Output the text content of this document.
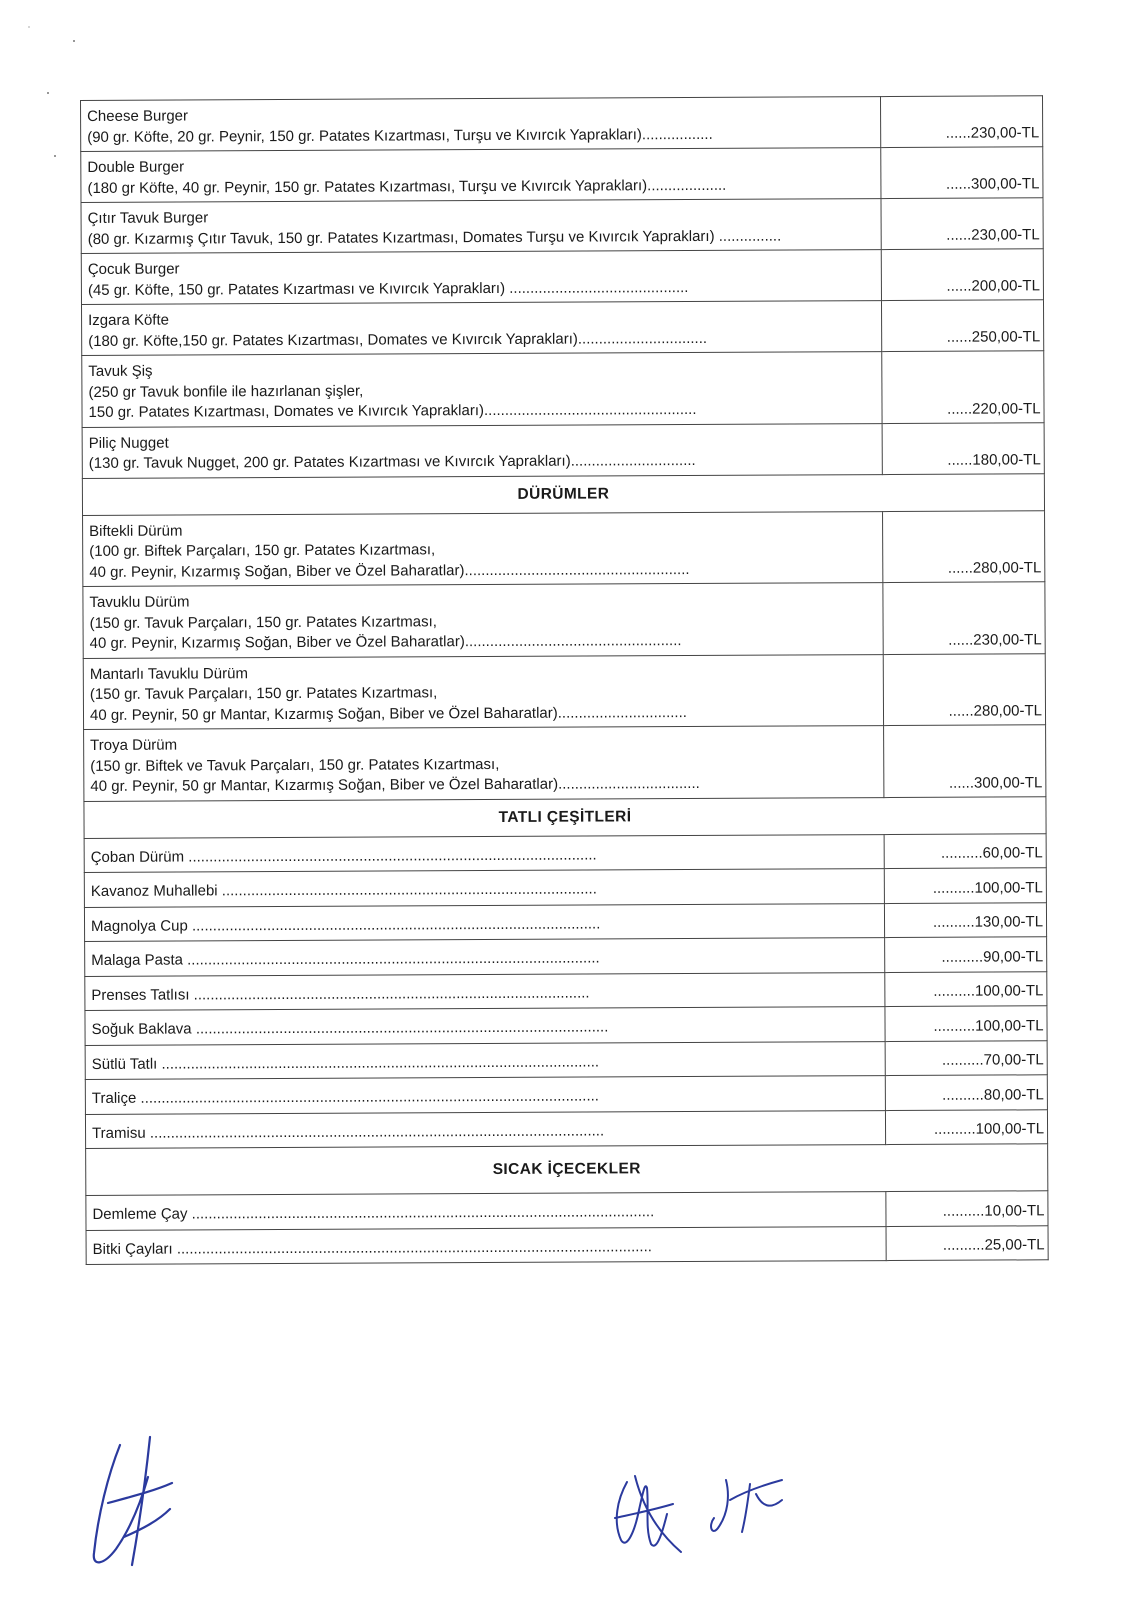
Cheese Burger
(90 gr. Köfte, 20 gr. Peynir, 150 gr. Patates Kızartması, Turşu ve Kıvırcık Yaprakları).................	......230,00-TL

Double Burger
(180 gr Köfte, 40 gr. Peynir, 150 gr. Patates Kızartması, Turşu ve Kıvırcık Yaprakları)...................	......300,00-TL

Çıtır Tavuk Burger
(80 gr. Kızarmış Çıtır Tavuk, 150 gr. Patates Kızartması, Domates Turşu ve Kıvırcık Yaprakları) ...............	......230,00-TL

Çocuk Burger
(45 gr. Köfte, 150 gr. Patates Kızartması ve Kıvırcık Yaprakları) ...........................................	......200,00-TL

Izgara Köfte
(180 gr. Köfte,150 gr. Patates Kızartması, Domates ve Kıvırcık Yaprakları)...............................	......250,00-TL

Tavuk Şiş
(250 gr Tavuk bonfile ile hazırlanan şişler,
150 gr. Patates Kızartması, Domates ve Kıvırcık Yaprakları)...................................................	......220,00-TL

Piliç Nugget
(130 gr. Tavuk Nugget, 200 gr. Patates Kızartması ve Kıvırcık Yaprakları)..............................	......180,00-TL
DÜRÜMLER	

Biftekli Dürüm
(100 gr. Biftek Parçaları, 150 gr. Patates Kızartması,
40 gr. Peynir, Kızarmış Soğan, Biber ve Özel Baharatlar)......................................................	......280,00-TL

Tavuklu Dürüm
(150 gr. Tavuk Parçaları, 150 gr. Patates Kızartması,
40 gr. Peynir, Kızarmış Soğan, Biber ve Özel Baharatlar)....................................................	......230,00-TL

Mantarlı Tavuklu Dürüm
(150 gr. Tavuk Parçaları, 150 gr. Patates Kızartması,
40 gr. Peynir, 50 gr Mantar, Kızarmış Soğan, Biber ve Özel Baharatlar)...............................	......280,00-TL

Troya Dürüm
(150 gr. Biftek ve Tavuk Parçaları, 150 gr. Patates Kızartması,
40 gr. Peynir, 50 gr Mantar, Kızarmış Soğan, Biber ve Özel Baharatlar)..................................	......300,00-TL
TATLI ÇEŞİTLERİ	
Çoban Dürüm ..................................................................................................	..........60,00-TL
Kavanoz Muhallebi ..........................................................................................	..........100,00-TL
Magnolya Cup ..................................................................................................	..........130,00-TL
Malaga Pasta ...................................................................................................	..........90,00-TL
Prenses Tatlısı ...............................................................................................	..........100,00-TL
Soğuk Baklava ...................................................................................................	..........100,00-TL
Sütlü Tatlı .........................................................................................................	..........70,00-TL
Traliçe ..............................................................................................................	..........80,00-TL
Tramisu .............................................................................................................	..........100,00-TL
SICAK İÇECEKLER	
Demleme Çay ...............................................................................................................	..........10,00-TL
Bitki Çayları ..................................................................................................................	..........25,00-TL
